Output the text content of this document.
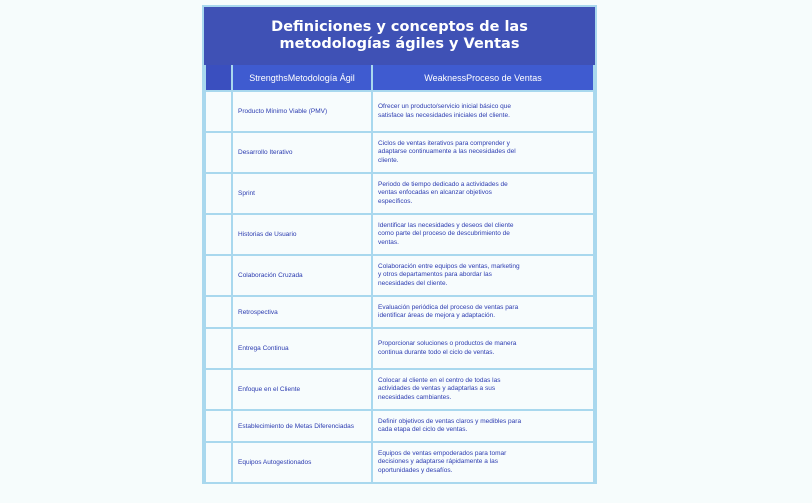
Definiciones y conceptos de las metodologías ágiles y Ventas
	StrengthsMetodología Ágil	WeaknessProceso de Ventas
	Producto Mínimo Viable (PMV)	Ofrecer un producto/servicio inicial básico que satisface las necesidades iniciales del cliente.
	Desarrollo Iterativo	Ciclos de ventas iterativos para comprender y adaptarse continuamente a las necesidades del cliente.
	Sprint	Periodo de tiempo dedicado a actividades de ventas enfocadas en alcanzar objetivos específicos.
	Historias de Usuario	Identificar las necesidades y deseos del cliente como parte del proceso de descubrimiento de ventas.
	Colaboración Cruzada	Colaboración entre equipos de ventas, marketing y otros departamentos para abordar las necesidades del cliente.
	Retrospectiva	Evaluación periódica del proceso de ventas para identificar áreas de mejora y adaptación.
	Entrega Continua	Proporcionar soluciones o productos de manera continua durante todo el ciclo de ventas.
	Enfoque en el Cliente	Colocar al cliente en el centro de todas las actividades de ventas y adaptarlas a sus necesidades cambiantes.
	Establecimiento de Metas Diferenciadas	Definir objetivos de ventas claros y medibles para cada etapa del ciclo de ventas.
	Equipos Autogestionados	Equipos de ventas empoderados para tomar decisiones y adaptarse rápidamente a las oportunidades y desafíos.
